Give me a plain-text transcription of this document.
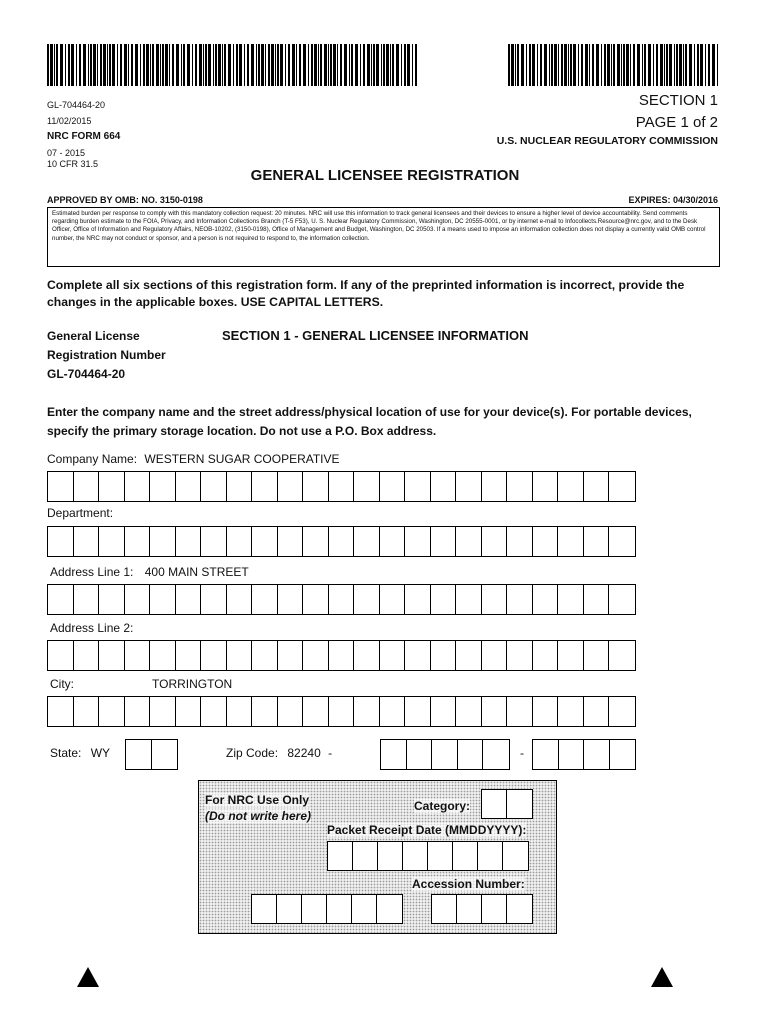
GL-704464-20
11/02/2015
NRC FORM 664
07 - 2015
10 CFR 31.5
SECTION 1
PAGE 1 of 2
U.S. NUCLEAR REGULATORY COMMISSION
GENERAL LICENSEE REGISTRATION
APPROVED BY OMB: NO. 3150-0198	EXPIRES: 04/30/2016
Estimated burden per response to comply with this mandatory collection request: 20 minutes. NRC will use this information to track general licensees and their devices to ensure a higher level of device accountability. Send comments regarding burden estimate to the FOIA, Privacy, and Information Collections Branch (T-5 F53), U. S. Nuclear Regulatory Commission, Washington, DC 20555-0001, or by internet e-mail to Infocollects.Resource@nrc.gov, and to the Desk Officer, Office of Information and Regulatory Affairs, NEOB-10202, (3150-0198), Office of Management and Budget, Washington, DC 20503. If a means used to impose an information collection does not display a currently valid OMB control number, the NRC may not conduct or sponsor, and a person is not required to respond to, the information collection.
Complete all six sections of this registration form. If any of the preprinted information is incorrect, provide the changes in the applicable boxes. USE CAPITAL LETTERS.
General License
Registration Number
GL-704464-20
SECTION 1 - GENERAL LICENSEE INFORMATION
Enter the company name and the street address/physical location of use for your device(s). For portable devices, specify the primary storage location. Do not use a P.O. Box address.
Company Name: WESTERN SUGAR COOPERATIVE
Department:
Address Line 1: 400 MAIN STREET
Address Line 2:
City:	TORRINGTON
State: WY	Zip Code: 82240 -	-
For NRC Use Only
(Do not write here)
Category:
Packet Receipt Date (MMDDYYYY):
Accession Number:
